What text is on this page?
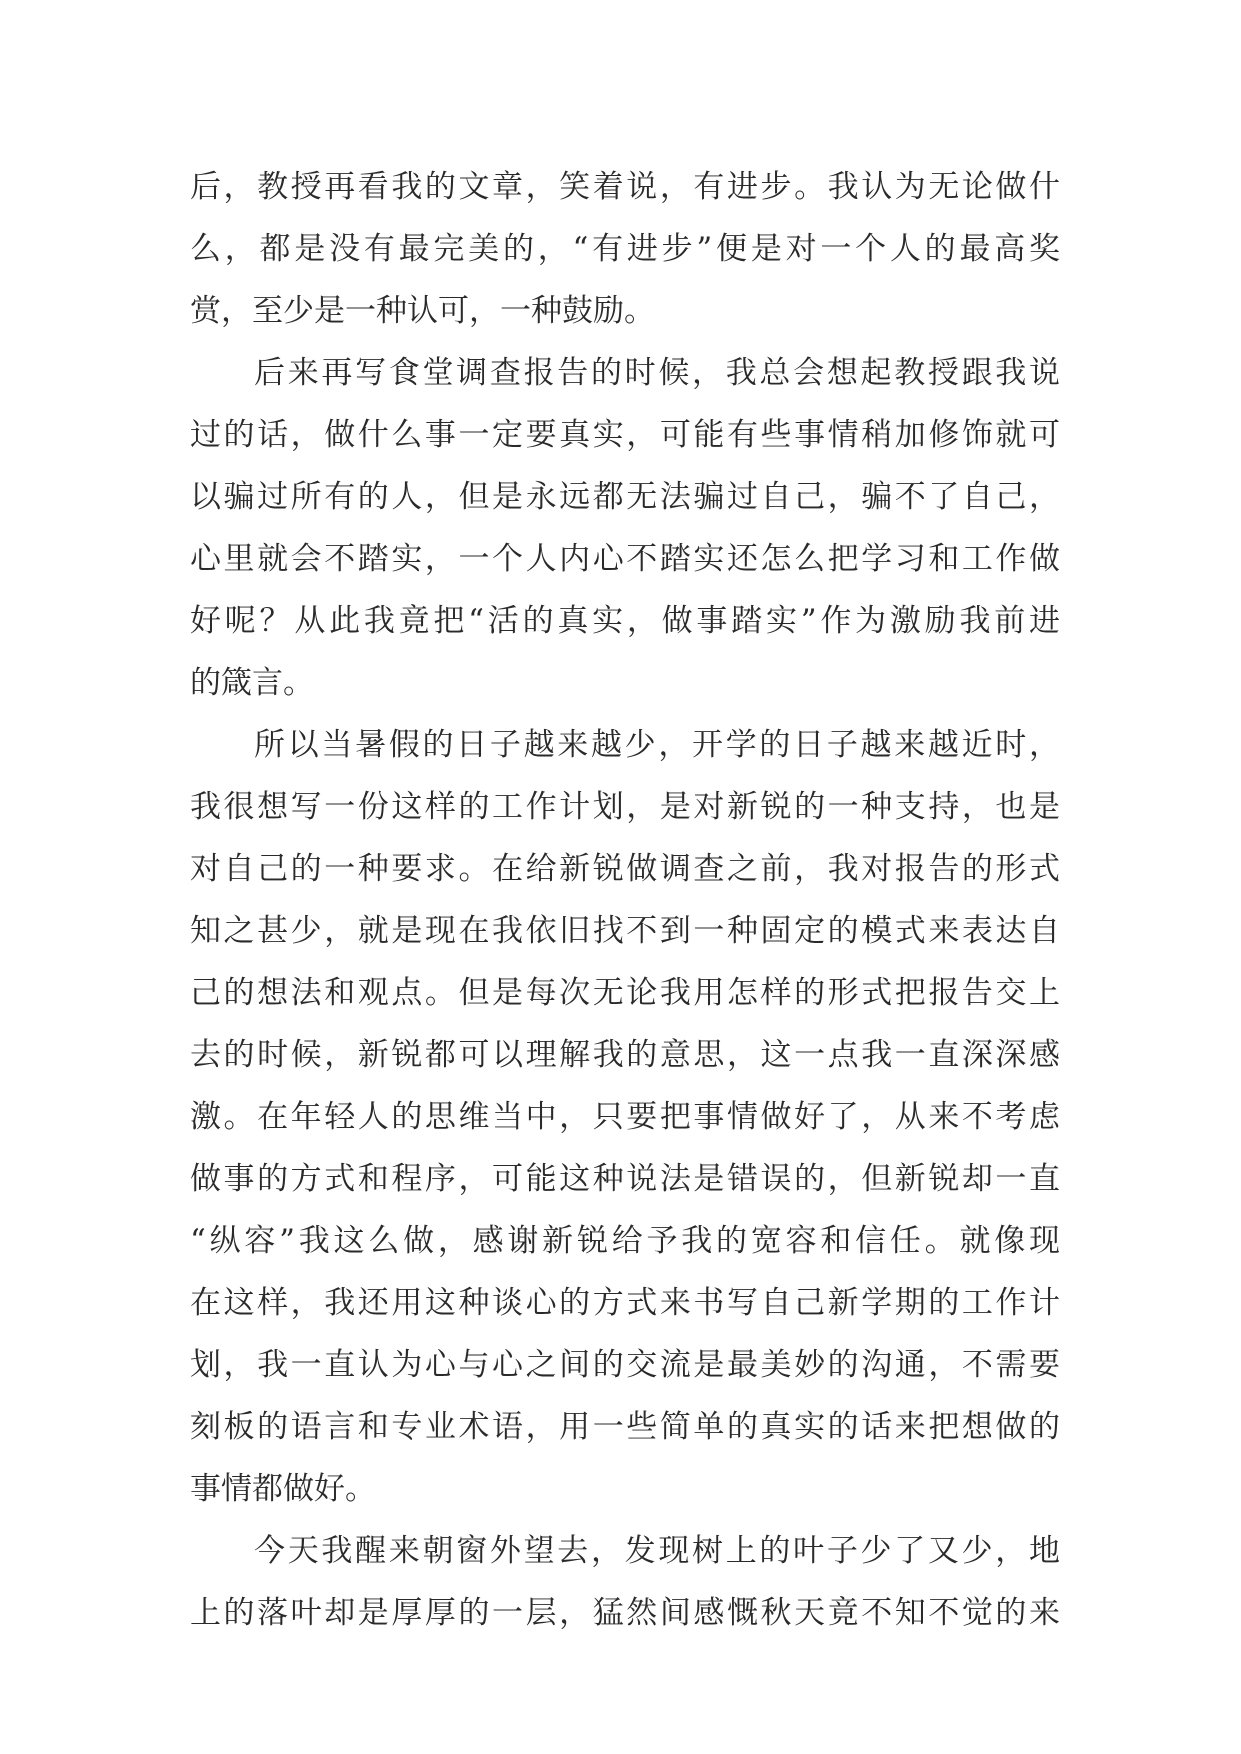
后，教授再看我的文章，笑着说，有进步。我认为无论做什
么，都是没有最完美的，“有进步”便是对一个人的最高奖
赏，至少是一种认可，一种鼓励。
后来再写食堂调查报告的时候，我总会想起教授跟我说
过的话，做什么事一定要真实，可能有些事情稍加修饰就可
以骗过所有的人，但是永远都无法骗过自己，骗不了自己，
心里就会不踏实，一个人内心不踏实还怎么把学习和工作做
好呢？从此我竟把“活的真实，做事踏实”作为激励我前进
的箴言。
所以当暑假的日子越来越少，开学的日子越来越近时，
我很想写一份这样的工作计划，是对新锐的一种支持，也是
对自己的一种要求。在给新锐做调查之前，我对报告的形式
知之甚少，就是现在我依旧找不到一种固定的模式来表达自
己的想法和观点。但是每次无论我用怎样的形式把报告交上
去的时候，新锐都可以理解我的意思，这一点我一直深深感
激。在年轻人的思维当中，只要把事情做好了，从来不考虑
做事的方式和程序，可能这种说法是错误的，但新锐却一直
“纵容”我这么做，感谢新锐给予我的宽容和信任。就像现
在这样，我还用这种谈心的方式来书写自己新学期的工作计
划，我一直认为心与心之间的交流是最美妙的沟通，不需要
刻板的语言和专业术语，用一些简单的真实的话来把想做的
事情都做好。
今天我醒来朝窗外望去，发现树上的叶子少了又少，地
上的落叶却是厚厚的一层，猛然间感慨秋天竟不知不觉的来
